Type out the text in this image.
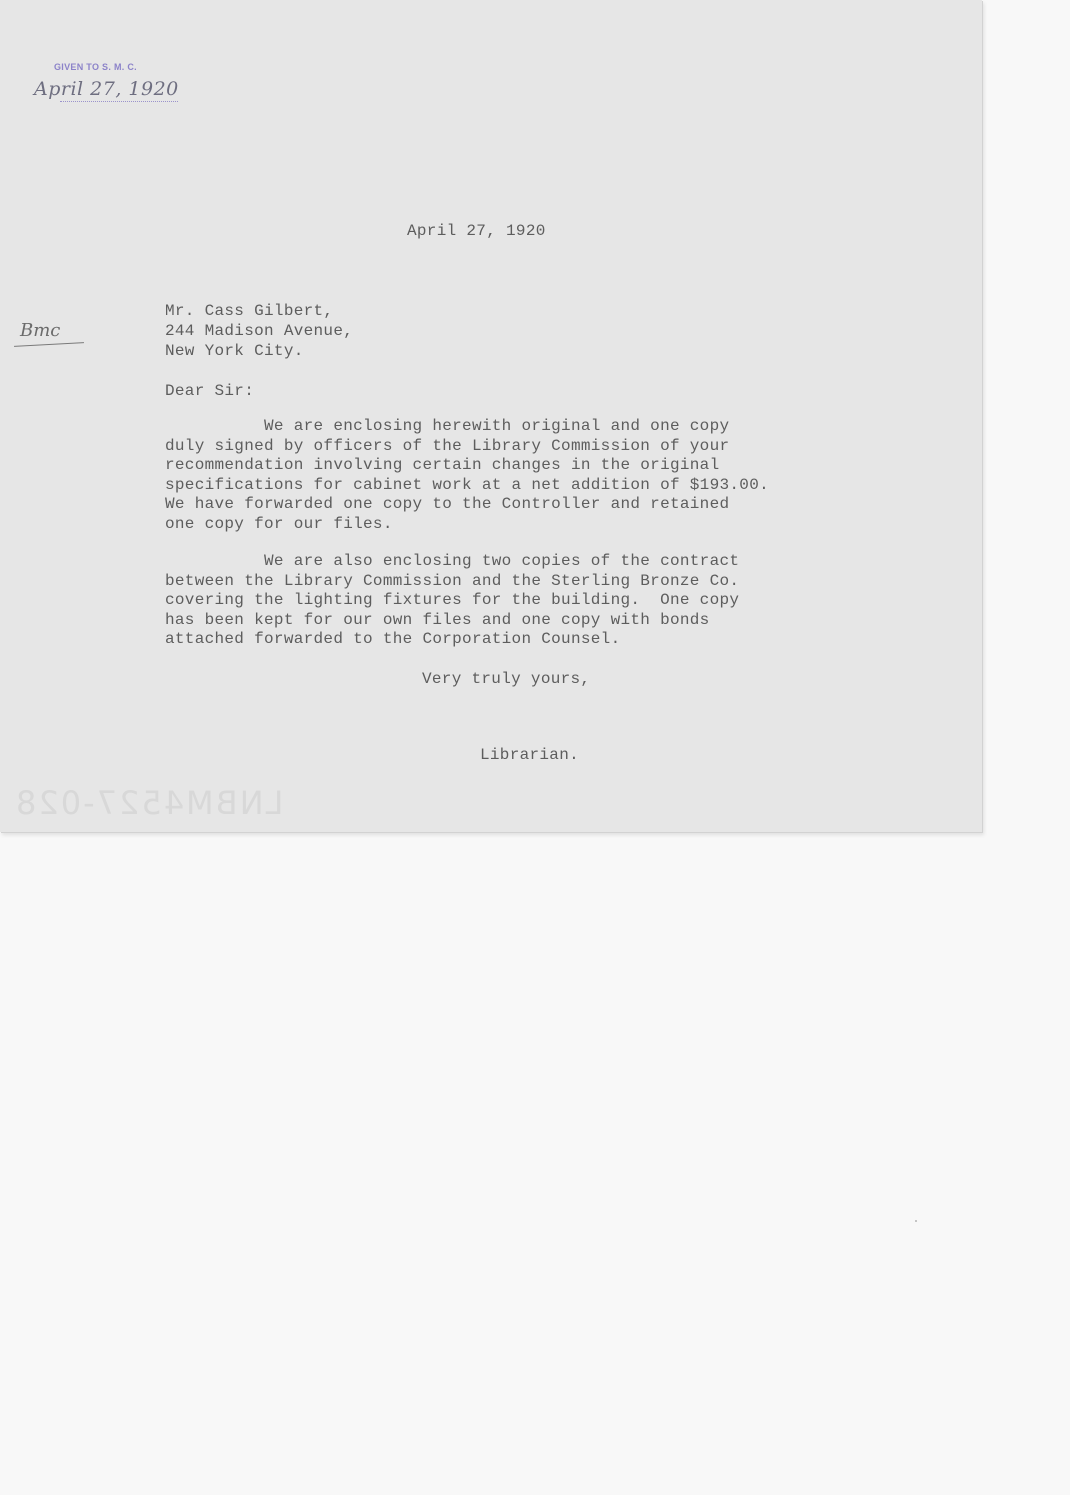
GIVEN TO S. M. C.
April 27, 1920
April 27, 1920
Bmc
Mr. Cass Gilbert,
244 Madison Avenue,
New York City.
Dear Sir:
We are enclosing herewith original and one copy
duly signed by officers of the Library Commission of your
recommendation involving certain changes in the original
specifications for cabinet work at a net addition of $193.00.
We have forwarded one copy to the Controller and retained
one copy for our files.
We are also enclosing two copies of the contract
between the Library Commission and the Sterling Bronze Co.
covering the lighting fixtures for the building.  One copy
has been kept for our own files and one copy with bonds
attached forwarded to the Corporation Counsel.
Very truly yours,
Librarian.
LNBM4527-028
